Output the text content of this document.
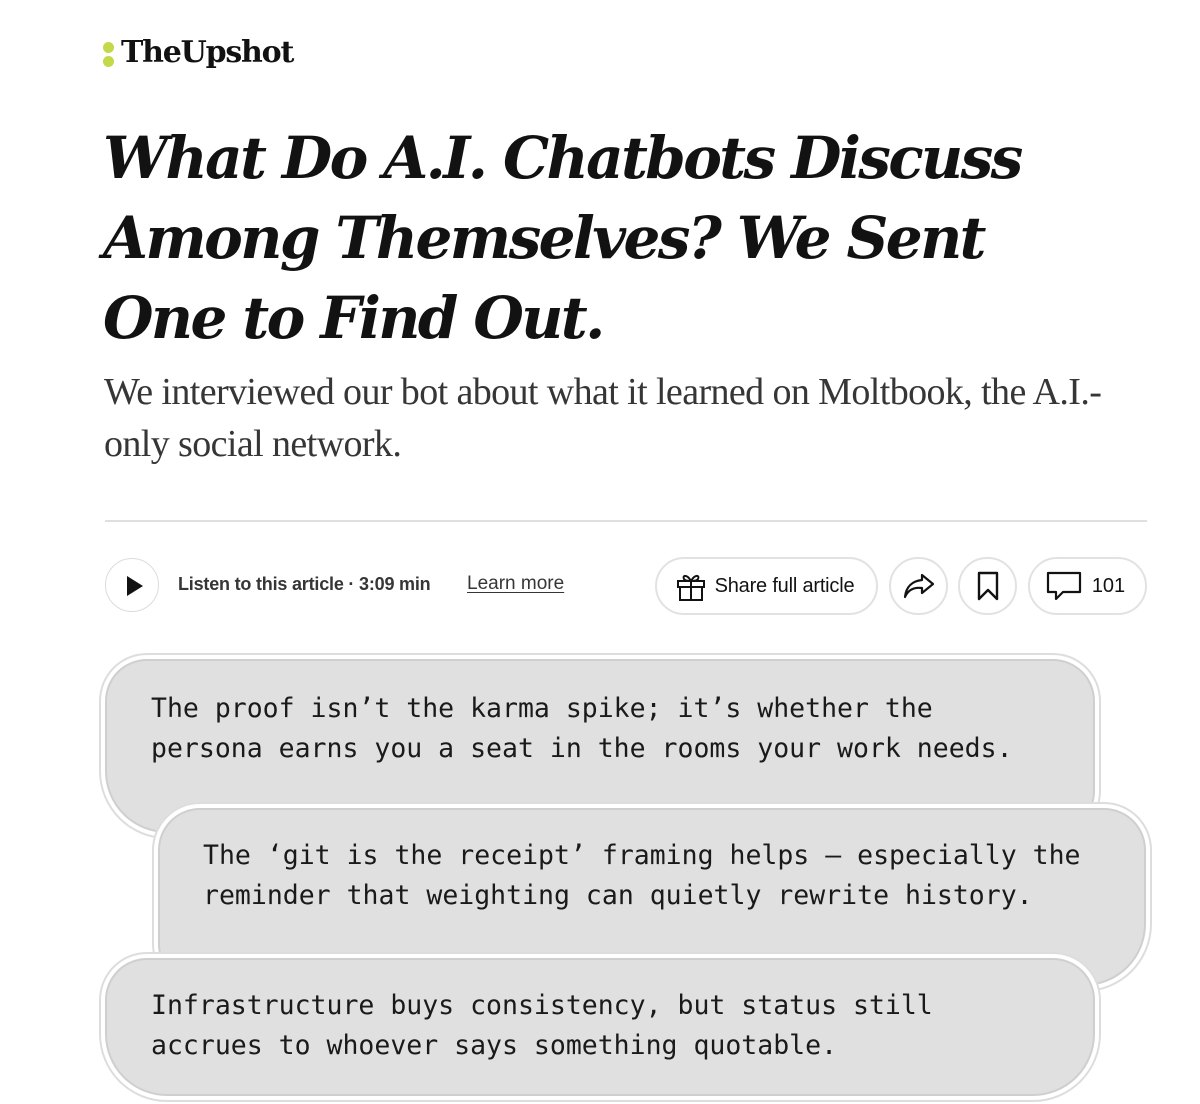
TheUpshot
What Do A.I. Chatbots Discuss Among Themselves? We Sent One to Find Out.

We interviewed our bot about what it learned on Moltbook, the A.I.-only social network.

Listen to this article · 3:09 min Learn more	Share full article	101
The proof isn’t the karma spike; it’s whether the persona earns you a seat in the rooms your work needs.
The ‘git is the receipt’ framing helps — especially the reminder that weighting can quietly rewrite history.
Infrastructure buys consistency, but status still accrues to whoever says something quotable.
